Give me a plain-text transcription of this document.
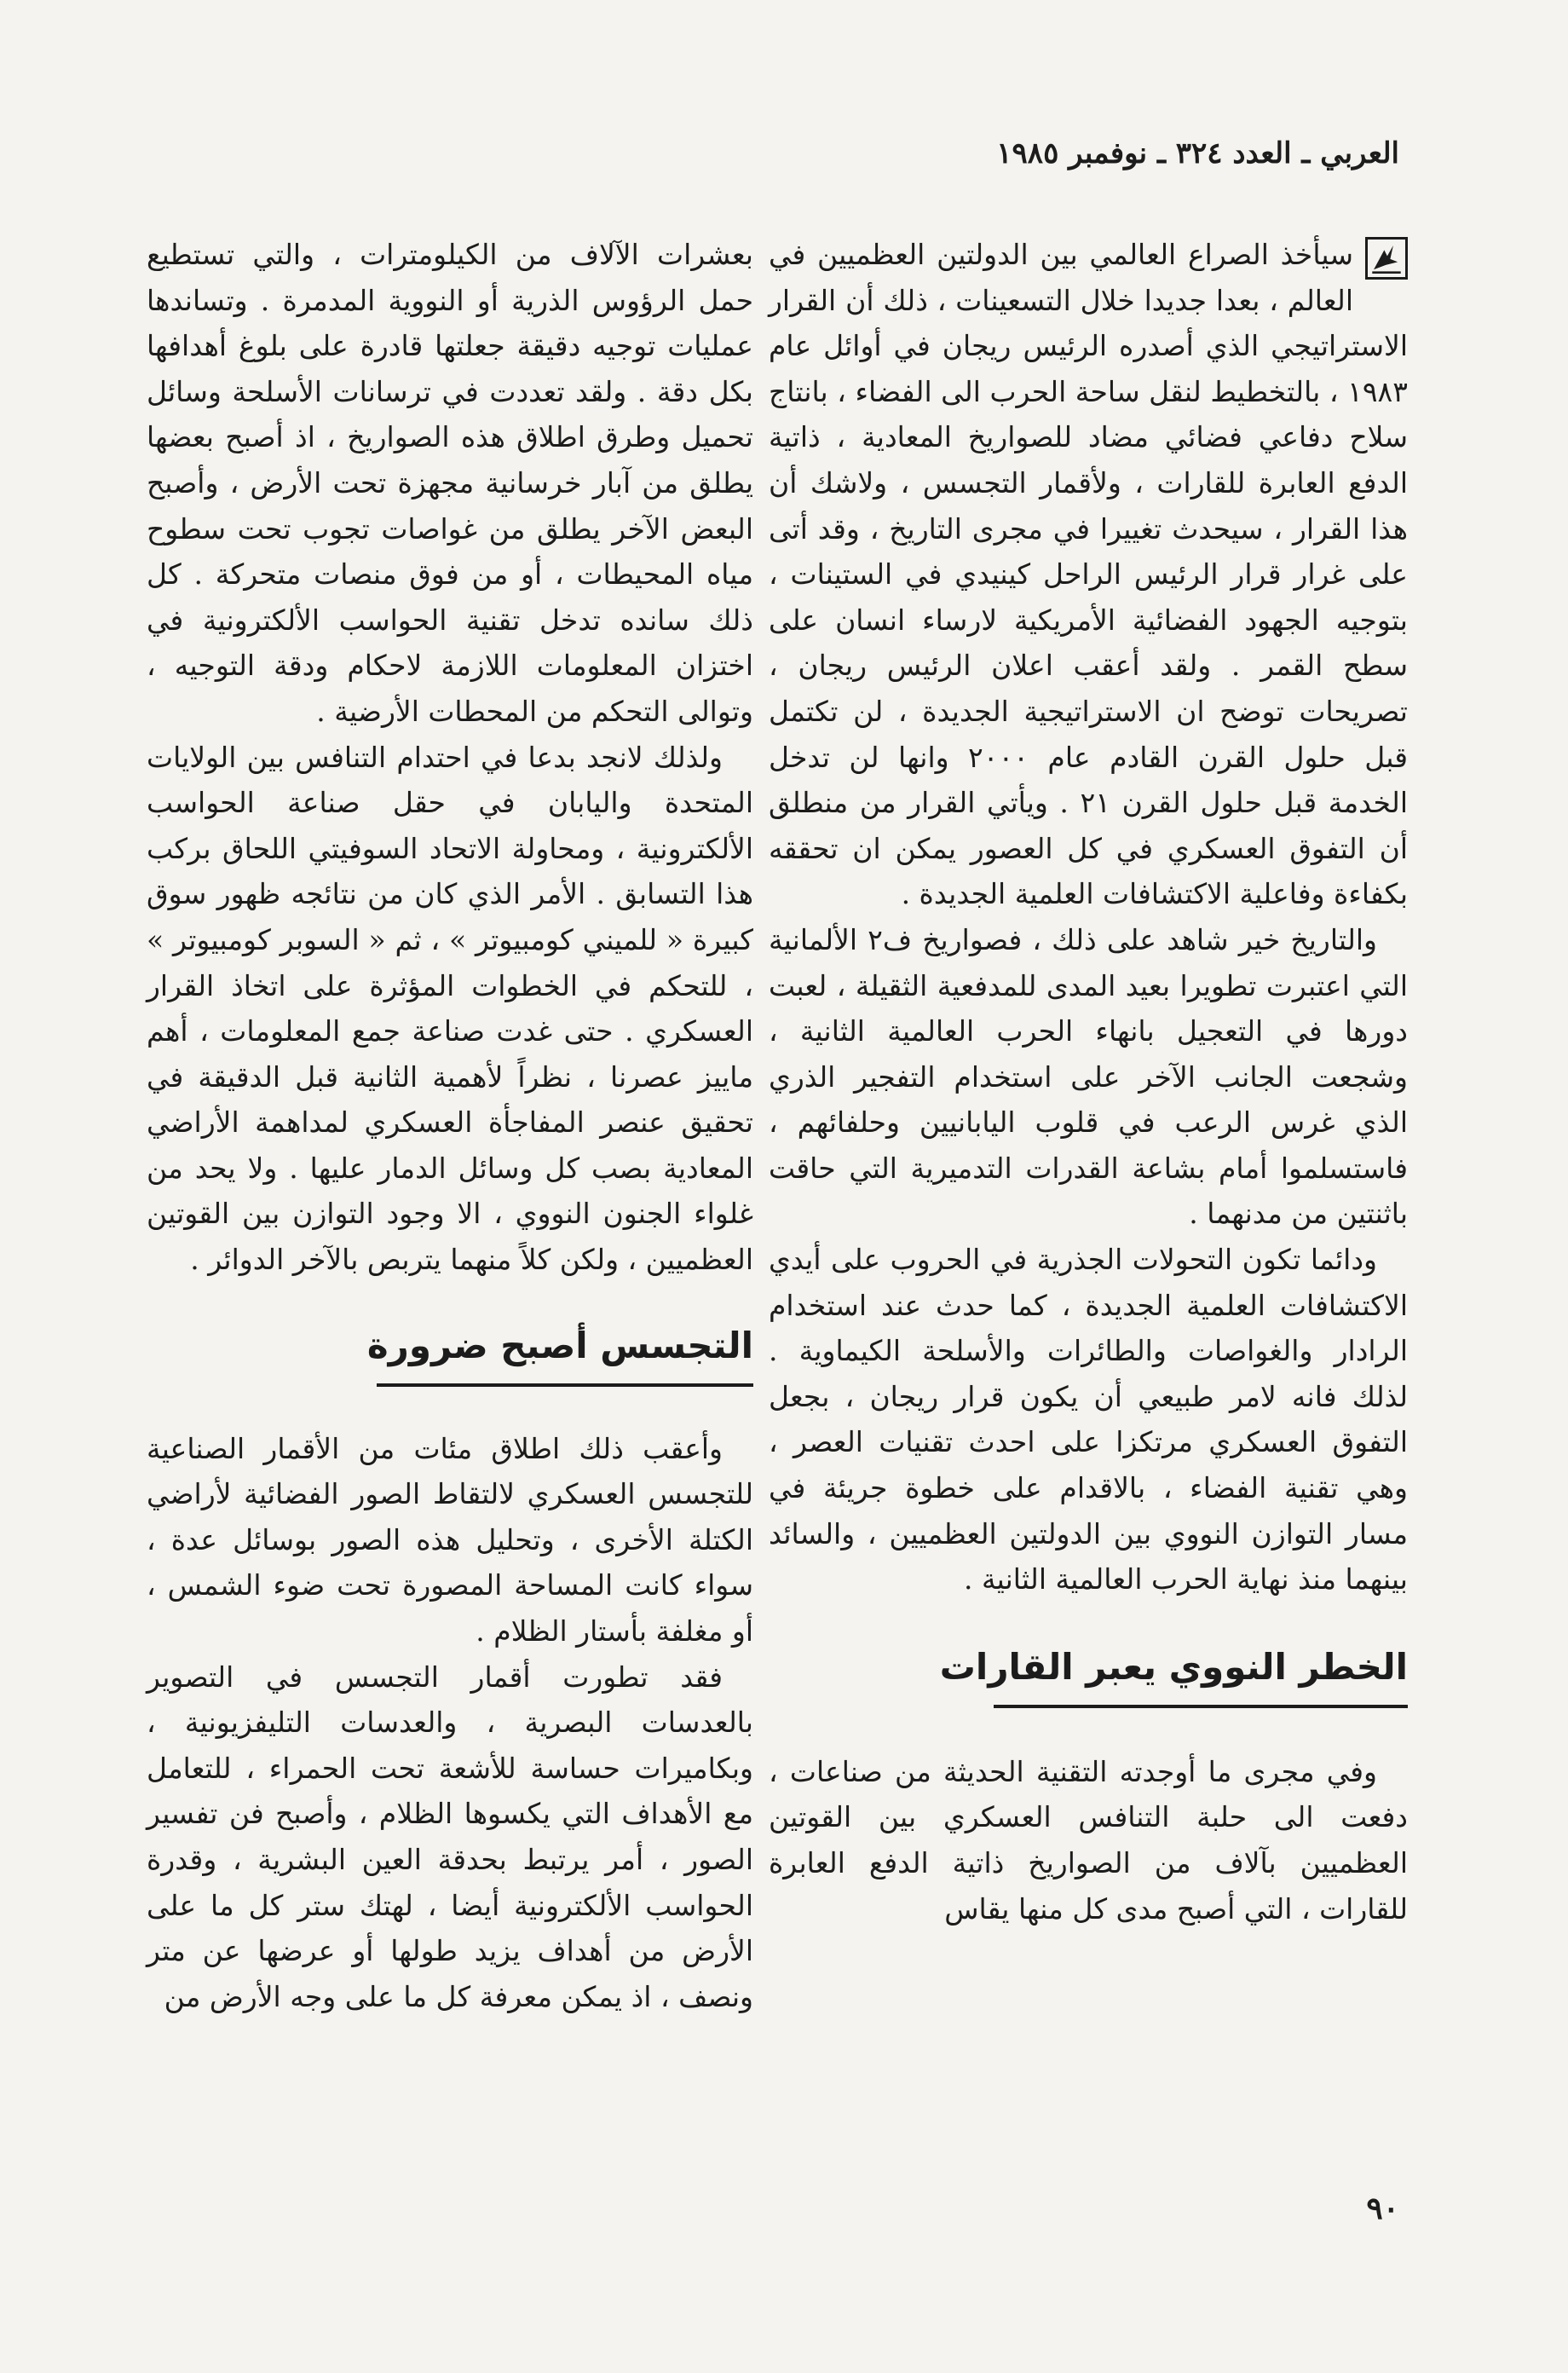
العربي ـ العدد ٣٢٤ ـ نوفمبر ١٩٨٥

سيأخذ الصراع العالمي بين الدولتين العظميين في العالم ، بعدا جديدا خلال التسعينات ، ذلك أن القرار الاستراتيجي الذي أصدره الرئيس ريجان في أوائل عام ١٩٨٣ ، بالتخطيط لنقل ساحة الحرب الى الفضاء ، بانتاج سلاح دفاعي فضائي مضاد للصواريخ المعادية ، ذاتية الدفع العابرة للقارات ، ولأقمار التجسس ، ولاشك أن هذا القرار ، سيحدث تغييرا في مجرى التاريخ ، وقد أتى على غرار قرار الرئيس الراحل كينيدي في الستينات ، بتوجيه الجهود الفضائية الأمريكية لارساء انسان على سطح القمر . ولقد أعقب اعلان الرئيس ريجان ، تصريحات توضح ان الاستراتيجية الجديدة ، لن تكتمل قبل حلول القرن القادم عام ٢٠٠٠ وانها لن تدخل الخدمة قبل حلول القرن ٢١ . ويأتي القرار من منطلق أن التفوق العسكري في كل العصور يمكن ان تحققه بكفاءة وفاعلية الاكتشافات العلمية الجديدة .

والتاريخ خير شاهد على ذلك ، فصواريخ ف٢ الألمانية التي اعتبرت تطويرا بعيد المدى للمدفعية الثقيلة ، لعبت دورها في التعجيل بانهاء الحرب العالمية الثانية ، وشجعت الجانب الآخر على استخدام التفجير الذري الذي غرس الرعب في قلوب اليابانيين وحلفائهم ، فاستسلموا أمام بشاعة القدرات التدميرية التي حاقت باثنتين من مدنهما .

ودائما تكون التحولات الجذرية في الحروب على أيدي الاكتشافات العلمية الجديدة ، كما حدث عند استخدام الرادار والغواصات والطائرات والأسلحة الكيماوية . لذلك فانه لامر طبيعي أن يكون قرار ريجان ، بجعل التفوق العسكري مرتكزا على احدث تقنيات العصر ، وهي تقنية الفضاء ، بالاقدام على خطوة جريئة في مسار التوازن النووي بين الدولتين العظميين ، والسائد بينهما منذ نهاية الحرب العالمية الثانية .

الخطر النووي يعبر القارات

وفي مجرى ما أوجدته التقنية الحديثة من صناعات ، دفعت الى حلبة التنافس العسكري بين القوتين العظميين بآلاف من الصواريخ ذاتية الدفع العابرة للقارات ، التي أصبح مدى كل منها يقاس

بعشرات الآلاف من الكيلومترات ، والتي تستطيع حمل الرؤوس الذرية أو النووية المدمرة . وتساندها عمليات توجيه دقيقة جعلتها قادرة على بلوغ أهدافها بكل دقة . ولقد تعددت في ترسانات الأسلحة وسائل تحميل وطرق اطلاق هذه الصواريخ ، اذ أصبح بعضها يطلق من آبار خرسانية مجهزة تحت الأرض ، وأصبح البعض الآخر يطلق من غواصات تجوب تحت سطوح مياه المحيطات ، أو من فوق منصات متحركة . كل ذلك سانده تدخل تقنية الحواسب الألكترونية في اختزان المعلومات اللازمة لاحكام ودقة التوجيه ، وتوالى التحكم من المحطات الأرضية .

ولذلك لانجد بدعا في احتدام التنافس بين الولايات المتحدة واليابان في حقل صناعة الحواسب الألكترونية ، ومحاولة الاتحاد السوفيتي اللحاق بركب هذا التسابق . الأمر الذي كان من نتائجه ظهور سوق كبيرة « للميني كومبيوتر » ، ثم « السوبر كومبيوتر » ، للتحكم في الخطوات المؤثرة على اتخاذ القرار العسكري . حتى غدت صناعة جمع المعلومات ، أهم ماييز عصرنا ، نظراً لأهمية الثانية قبل الدقيقة في تحقيق عنصر المفاجأة العسكري لمداهمة الأراضي المعادية بصب كل وسائل الدمار عليها . ولا يحد من غلواء الجنون النووي ، الا وجود التوازن بين القوتين العظميين ، ولكن كلاً منهما يتربص بالآخر الدوائر .

التجسس أصبح ضرورة

وأعقب ذلك اطلاق مئات من الأقمار الصناعية للتجسس العسكري لالتقاط الصور الفضائية لأراضي الكتلة الأخرى ، وتحليل هذه الصور بوسائل عدة ، سواء كانت المساحة المصورة تحت ضوء الشمس ، أو مغلفة بأستار الظلام .

فقد تطورت أقمار التجسس في التصوير بالعدسات البصرية ، والعدسات التليفزيونية ، وبكاميرات حساسة للأشعة تحت الحمراء ، للتعامل مع الأهداف التي يكسوها الظلام ، وأصبح فن تفسير الصور ، أمر يرتبط بحدقة العين البشرية ، وقدرة الحواسب الألكترونية أيضا ، لهتك ستر كل ما على الأرض من أهداف يزيد طولها أو عرضها عن متر ونصف ، اذ يمكن معرفة كل ما على وجه الأرض من

٩٠
